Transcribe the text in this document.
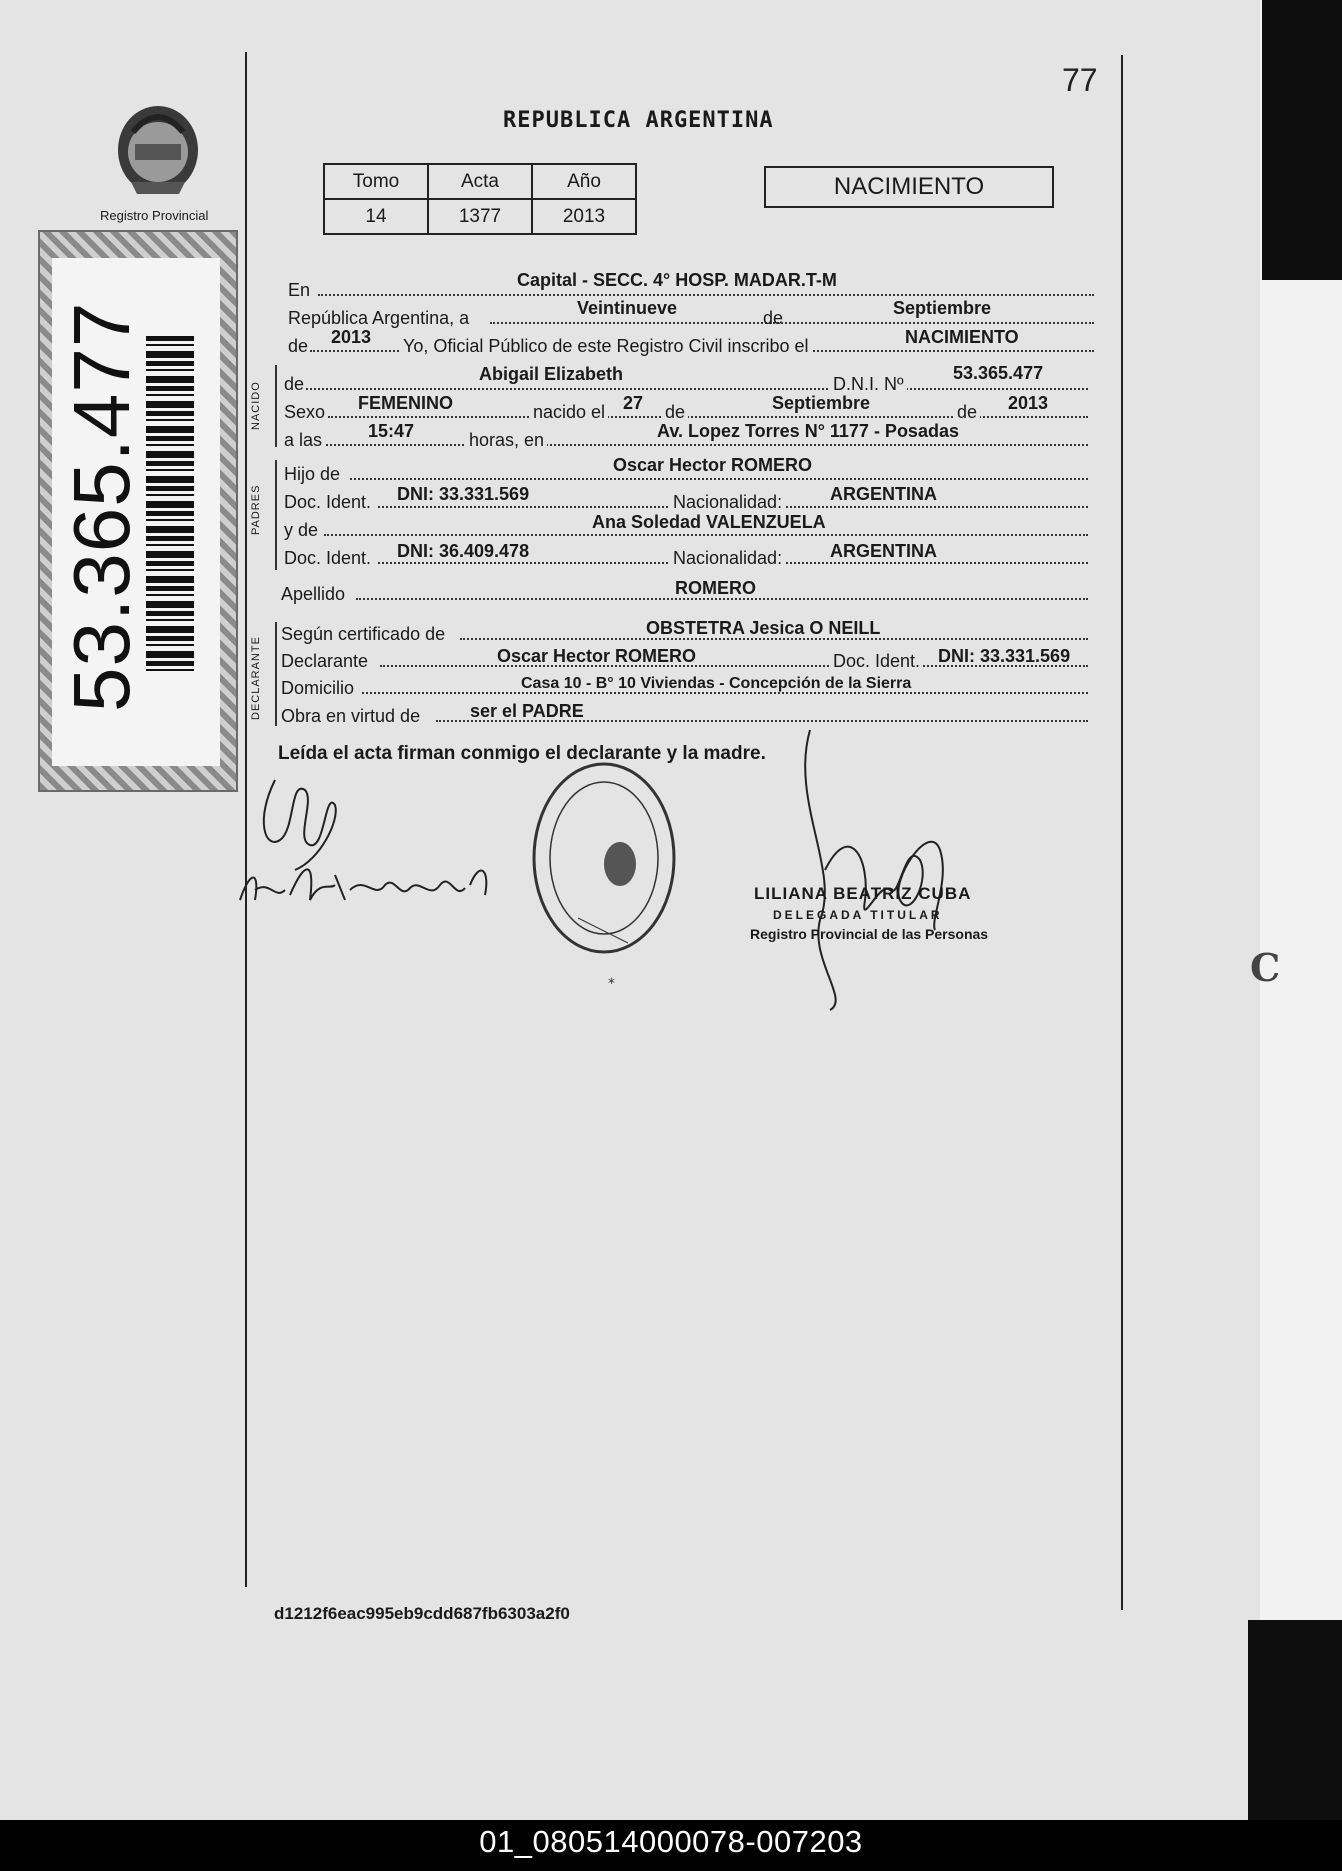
C
77
REPUBLICA ARGENTINA
Registro Provincial
Tomo	Acta	Año
14	1377	2013
NACIMIENTO
53.365.477
En	Capital - SECC. 4° HOSP. MADAR.T-M
República Argentina, a	Veintinueve	de	Septiembre
de 2013 Yo, Oficial Público de este Registro Civil inscribo el	NACIMIENTO
NACIDO de	Abigail Elizabeth	D.N.I. Nº
53.365.477
Sexo FEMENINO	nacido el 27 de	Septiembre	de 2013
a las	15:47	horas, en	Av. Lopez Torres N° 1177 - Posadas
PADRES
Hijo de	Oscar Hector ROMERO
Doc. Ident. DNI: 33.331.569	Nacionalidad:	ARGENTINA
y de	Ana Soledad VALENZUELA
Doc. Ident. DNI: 36.409.478	Nacionalidad:	ARGENTINA
Apellido	ROMERO
DECLARANTE
Según certificado de	OBSTETRA Jesica O NEILL
Declarante	Oscar Hector ROMERO	Doc. Ident. DNI: 33.331.569
Domicilio	Casa 10 - B° 10 Viviendas - Concepción de la Sierra
Obra en virtud de	ser el PADRE
Leída el acta firman conmigo el declarante y la madre.
*
LILIANA BEATRIZ CUBA
DELEGADA TITULAR
Registro Provincial de las Personas
d1212f6eac995eb9cdd687fb6303a2f0
01_080514000078-007203
